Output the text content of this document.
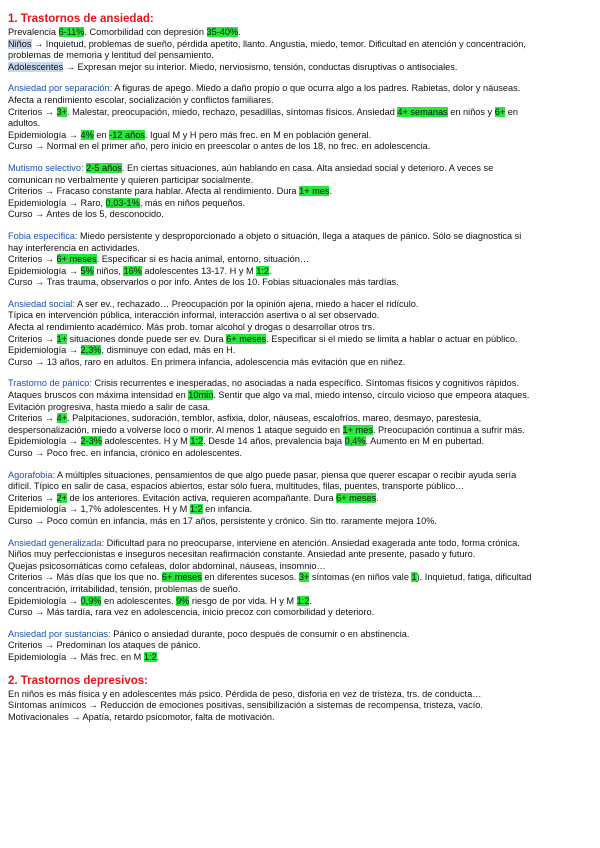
1. Trastornos de ansiedad:
Prevalencia 6-11%. Comorbilidad con depresión 35-40%.
Niños → Inquietud, problemas de sueño, pérdida apetito, llanto. Angustia, miedo, temor. Dificultad en atención y concentración,
problemas de memoria y lentitud del pensamiento.
Adolescentes → Expresan mejor su interior. Miedo, nerviosismo, tensión, conductas disruptivas o antisociales.
Ansiedad por separación: A figuras de apego. Miedo a daño propio o que ocurra algo a los padres. Rabietas, dolor y náuseas.
Afecta a rendimiento escolar, socialización y conflictos familiares.
Criterios → 3+. Malestar, preocupación, miedo, rechazo, pesadillas, síntomas físicos. Ansiedad 4+ semanas en niños y 6+ en
adultos.
Epidemiología → 4% en -12 años. Igual M y H pero más frec. en M en población general.
Curso → Normal en el primer año, pero inicio en preescolar o antes de los 18, no frec. en adolescencia.
Mutismo selectivo: 2-5 años. En ciertas situaciones, aún hablando en casa. Alta ansiedad social y deterioro. A veces se
comunican no verbalmente y quieren participar socialmente.
Criterios → Fracaso constante para hablar. Afecta al rendimiento. Dura 1+ mes.
Epidemiología → Raro, 0,03-1%, más en niños pequeños.
Curso → Antes de los 5, desconocido.
Fobia específica: Miedo persistente y desproporcionado a objeto o situación, llega a ataques de pánico. Sólo se diagnostica si
hay interferencia en actividades.
Criterios → 6+ meses. Especificar si es hacia animal, entorno, situación…
Epidemiología → 5% niños, 16% adolescentes 13-17. H y M 1:2.
Curso → Tras trauma, observarlos o por info. Antes de los 10. Fobias situacionales más tardías.
Ansiedad social: A ser ev., rechazado… Preocupación por la opinión ajena, miedo a hacer el ridículo.
Típica en intervención pública, interacción informal, interacción asertiva o al ser observado.
Afecta al rendimiento académico. Más prob. tomar alcohol y drogas o desarrollar otros trs.
Criterios → 1+ situaciones donde puede ser ev. Dura 6+ meses. Especificar si el miedo se limita a hablar o actuar en público.
Epidemiología → 2,3%, disminuye con edad, más en H.
Curso → 13 años, raro en adultos. En primera infancia, adolescencia más evitación que en niñez.
Trastorno de pánico: Crisis recurrentes e inesperadas, no asociadas a nada específico. Síntomas físicos y cognitivos rápidos.
Ataques bruscos con máxima intensidad en 10min. Sentir que algo va mal, miedo intenso, círculo vicioso que empeora ataques.
Evitación progresiva, hasta miedo a salir de casa.
Criterios → 4+. Palpitaciones, sudoración, temblor, asfixia, dolor, náuseas, escalofríos, mareo, desmayo, parestesia,
despersonalización, miedo a volverse loco o morir. Al menos 1 ataque seguido en 1+ mes. Preocupación continua a sufrir más.
Epidemiología → 2-3% adolescentes. H y M 1:2. Desde 14 años, prevalencia baja 0,4%. Aumento en M en pubertad.
Curso → Poco frec. en infancia, crónico en adolescentes.
Agorafobia: A múltiples situaciones, pensamientos de que algo puede pasar, piensa que querer escapar o recibir ayuda sería
difícil. Típico en salir de casa, espacios abiertos, estar sólo fuera, multitudes, filas, puentes, transporte público…
Criterios → 2+ de los anteriores. Evitación activa, requieren acompañante. Dura 6+ meses.
Epidemiología → 1,7% adolescentes. H y M 1:2 en infancia.
Curso → Poco común en infancia, más en 17 años, persistente y crónico. Sin tto. raramente mejora 10%.
Ansiedad generalizada: Dificultad para no preocuparse, interviene en atención. Ansiedad exagerada ante todo, forma crónica.
Niños muy perfeccionistas e inseguros necesitan reafirmación constante. Ansiedad ante presente, pasado y futuro.
Quejas psicosomáticas como cefaleas, dolor abdominal, náuseas, insomnio…
Criterios → Más días que los que no. 6+ meses en diferentes sucesos. 3+ síntomas (en niños vale 1). Inquietud, fatiga, dificultad
concentración, irritabilidad, tensión, problemas de sueño.
Epidemiología → 0,9% en adolescentes. 9% riesgo de por vida. H y M 1:2.
Curso → Más tardía, rara vez en adolescencia, inicio precoz con comorbilidad y deterioro.
Ansiedad por sustancias: Pánico o ansiedad durante, poco después de consumir o en abstinencia.
Criterios → Predominan los ataques de pánico.
Epidemiología → Más frec. en M 1:2.
2. Trastornos depresivos:
En niños es más física y en adolescentes más psico. Pérdida de peso, disforia en vez de tristeza, trs. de conducta…
Síntomas anímicos → Reducción de emociones positivas, sensibilización a sistemas de recompensa, tristeza, vacío.
Motivacionales → Apatía, retardo psicomotor, falta de motivación.
